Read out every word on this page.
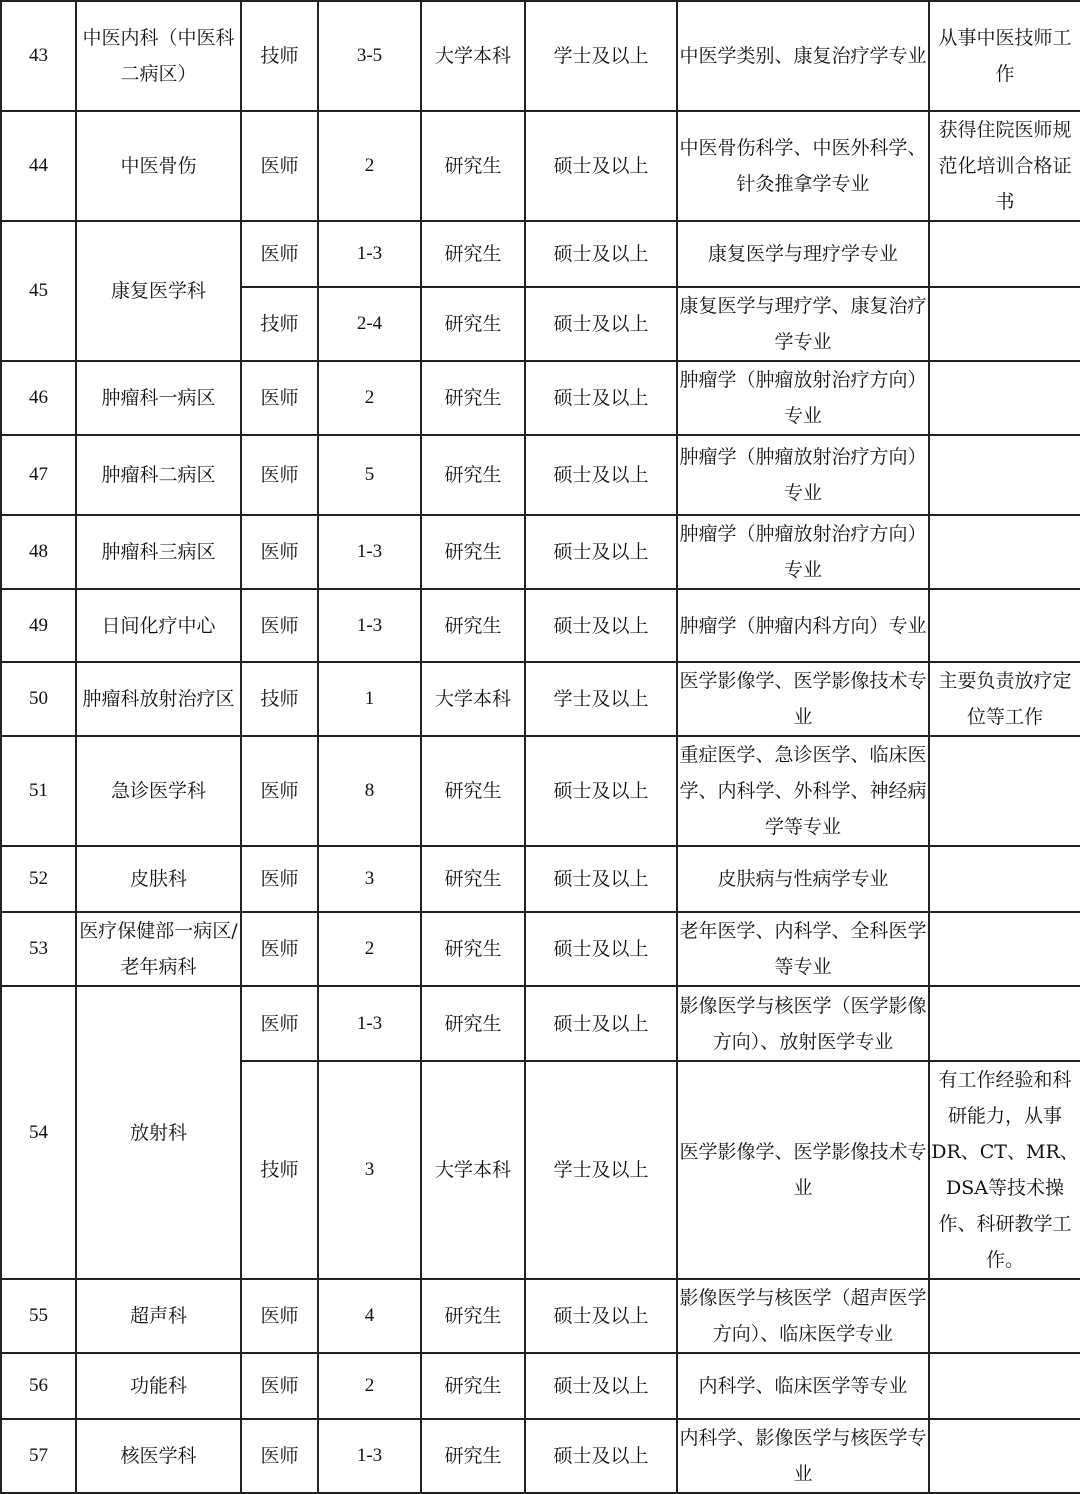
43	中医内科（中医科二病区）	技师	3-5	大学本科	学士及以上	中医学类别、康复治疗学专业	从事中医技师工作
44	中医骨伤	医师	2	研究生	硕士及以上	中医骨伤科学、中医外科学、针灸推拿学专业	获得住院医师规范化培训合格证书
45	康复医学科	医师	1-3	研究生	硕士及以上	康复医学与理疗学专业	
		技师	2-4	研究生	硕士及以上	康复医学与理疗学、康复治疗学专业	
46	肿瘤科一病区	医师	2	研究生	硕士及以上	肿瘤学（肿瘤放射治疗方向）专业	
47	肿瘤科二病区	医师	5	研究生	硕士及以上	肿瘤学（肿瘤放射治疗方向）专业	
48	肿瘤科三病区	医师	1-3	研究生	硕士及以上	肿瘤学（肿瘤放射治疗方向）专业	
49	日间化疗中心	医师	1-3	研究生	硕士及以上	肿瘤学（肿瘤内科方向）专业	
50	肿瘤科放射治疗区	技师	1	大学本科	学士及以上	医学影像学、医学影像技术专业	主要负责放疗定位等工作
51	急诊医学科	医师	8	研究生	硕士及以上	重症医学、急诊医学、临床医学、内科学、外科学、神经病学等专业	
52	皮肤科	医师	3	研究生	硕士及以上	皮肤病与性病学专业	
53	医疗保健部一病区/老年病科	医师	2	研究生	硕士及以上	老年医学、内科学、全科医学等专业	
54	放射科	医师	1-3	研究生	硕士及以上	影像医学与核医学（医学影像方向）、放射医学专业	
		技师	3	大学本科	学士及以上	医学影像学、医学影像技术专业	有工作经验和科研能力，从事DR、CT、MR、DSA等技术操作、科研教学工作。
55	超声科	医师	4	研究生	硕士及以上	影像医学与核医学（超声医学方向）、临床医学专业	
56	功能科	医师	2	研究生	硕士及以上	内科学、临床医学等专业	
57	核医学科	医师	1-3	研究生	硕士及以上	内科学、影像医学与核医学专业	
